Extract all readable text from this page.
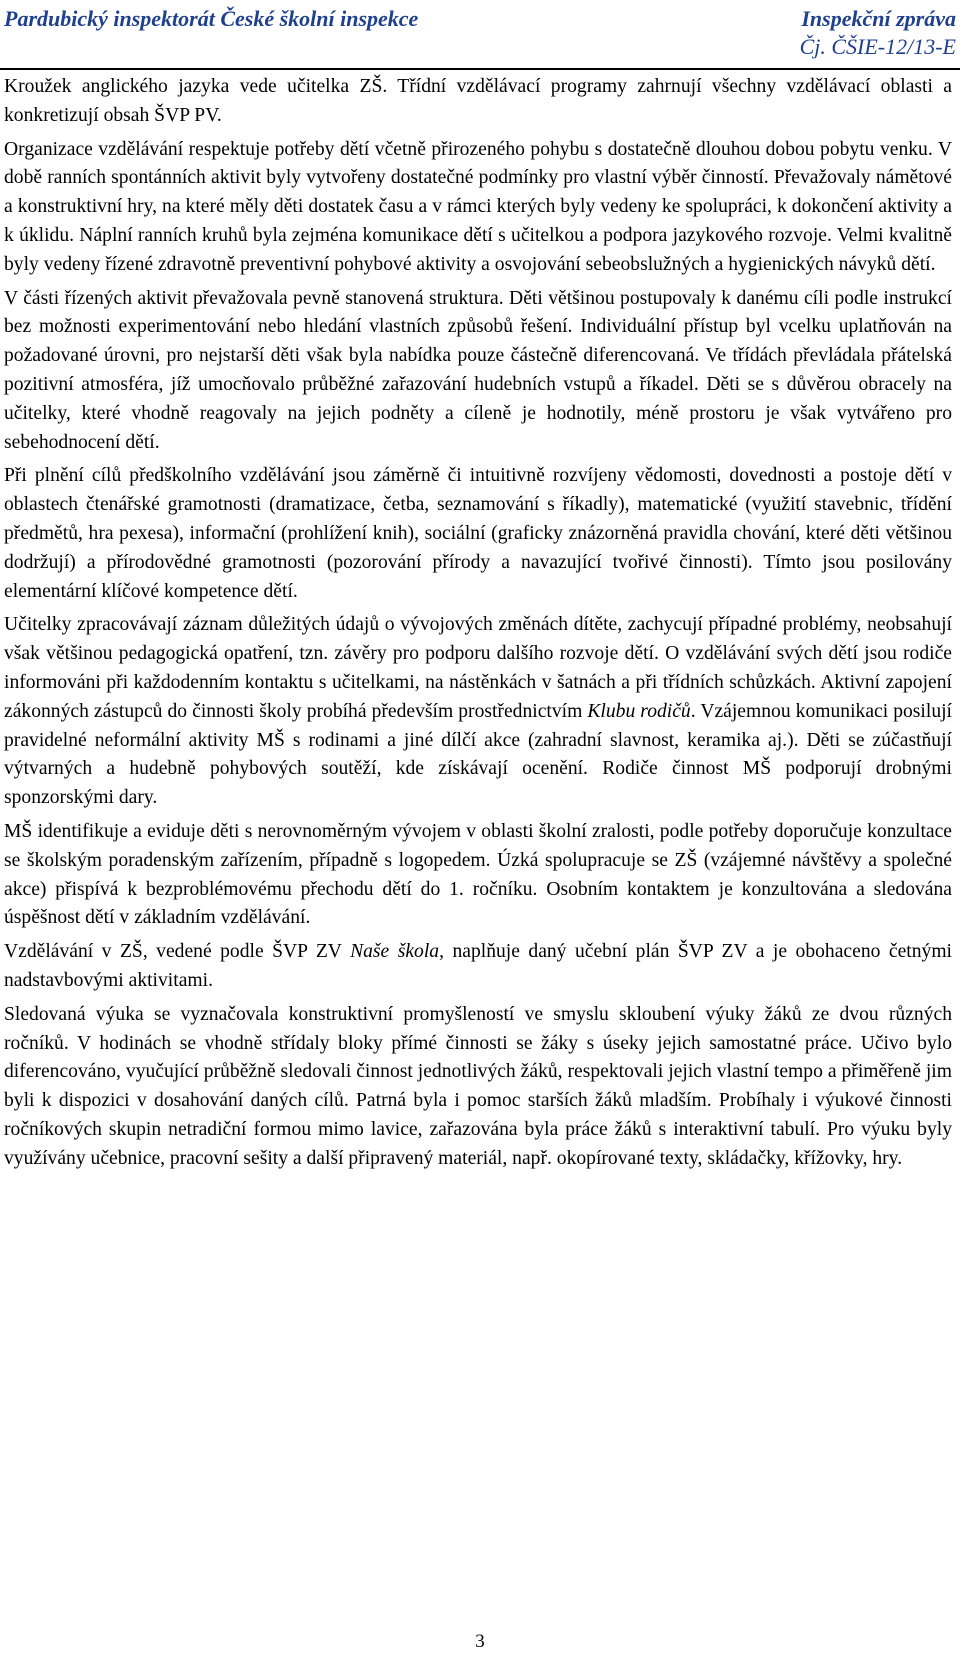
Pardubický inspektorát České školní inspekce	Inspekční zpráva
Čj. ČŠIE-12/13-E

Kroužek anglického jazyka vede učitelka ZŠ. Třídní vzdělávací programy zahrnují všechny vzdělávací oblasti a konkretizují obsah ŠVP PV.

Organizace vzdělávání respektuje potřeby dětí včetně přirozeného pohybu s dostatečně dlouhou dobou pobytu venku. V době ranních spontánních aktivit byly vytvořeny dostatečné podmínky pro vlastní výběr činností. Převažovaly námětové a konstruktivní hry, na které měly děti dostatek času a v rámci kterých byly vedeny ke spolupráci, k dokončení aktivity a k úklidu. Náplní ranních kruhů byla zejména komunikace dětí s učitelkou a podpora jazykového rozvoje. Velmi kvalitně byly vedeny řízené zdravotně preventivní pohybové aktivity a osvojování sebeobslužných a hygienických návyků dětí.

V části řízených aktivit převažovala pevně stanovená struktura. Děti většinou postupovaly k danému cíli podle instrukcí bez možnosti experimentování nebo hledání vlastních způsobů řešení. Individuální přístup byl vcelku uplatňován na požadované úrovni, pro nejstarší děti však byla nabídka pouze částečně diferencovaná. Ve třídách převládala přátelská pozitivní atmosféra, jíž umocňovalo průběžné zařazování hudebních vstupů a říkadel. Děti se s důvěrou obracely na učitelky, které vhodně reagovaly na jejich podněty a cíleně je hodnotily, méně prostoru je však vytvářeno pro sebehodnocení dětí.

Při plnění cílů předškolního vzdělávání jsou záměrně či intuitivně rozvíjeny vědomosti, dovednosti a postoje dětí v oblastech čtenářské gramotnosti (dramatizace, četba, seznamování s říkadly), matematické (využití stavebnic, třídění předmětů, hra pexesa), informační (prohlížení knih), sociální (graficky znázorněná pravidla chování, které děti většinou dodržují) a přírodovědné gramotnosti (pozorování přírody a navazující tvořivé činnosti). Tímto jsou posilovány elementární klíčové kompetence dětí.

Učitelky zpracovávají záznam důležitých údajů o vývojových změnách dítěte, zachycují případné problémy, neobsahují však většinou pedagogická opatření, tzn. závěry pro podporu dalšího rozvoje dětí. O vzdělávání svých dětí jsou rodiče informováni při každodenním kontaktu s učitelkami, na nástěnkách v šatnách a při třídních schůzkách. Aktivní zapojení zákonných zástupců do činnosti školy probíhá především prostřednictvím Klubu rodičů. Vzájemnou komunikaci posilují pravidelné neformální aktivity MŠ s rodinami a jiné dílčí akce (zahradní slavnost, keramika aj.). Děti se zúčastňují výtvarných a hudebně pohybových soutěží, kde získávají ocenění. Rodiče činnost MŠ podporují drobnými sponzorskými dary.

MŠ identifikuje a eviduje děti s nerovnoměrným vývojem v oblasti školní zralosti, podle potřeby doporučuje konzultace se školským poradenským zařízením, případně s logopedem. Úzká spolupracuje se ZŠ (vzájemné návštěvy a společné akce) přispívá k bezproblémovému přechodu dětí do 1. ročníku. Osobním kontaktem je konzultována a sledována úspěšnost dětí v základním vzdělávání.

Vzdělávání v ZŠ, vedené podle ŠVP ZV Naše škola, naplňuje daný učební plán ŠVP ZV a je obohaceno četnými nadstavbovými aktivitami.

Sledovaná výuka se vyznačovala konstruktivní promyšleností ve smyslu skloubení výuky žáků ze dvou různých ročníků. V hodinách se vhodně střídaly bloky přímé činnosti se žáky s úseky jejich samostatné práce. Učivo bylo diferencováno, vyučující průběžně sledovali činnost jednotlivých žáků, respektovali jejich vlastní tempo a přiměřeně jim byli k dispozici v dosahování daných cílů. Patrná byla i pomoc starších žáků mladším. Probíhaly i výukové činnosti ročníkových skupin netradiční formou mimo lavice, zařazována byla práce žáků s interaktivní tabulí. Pro výuku byly využívány učebnice, pracovní sešity a další připravený materiál, např. okopírované texty, skládačky, křížovky, hry.

3
